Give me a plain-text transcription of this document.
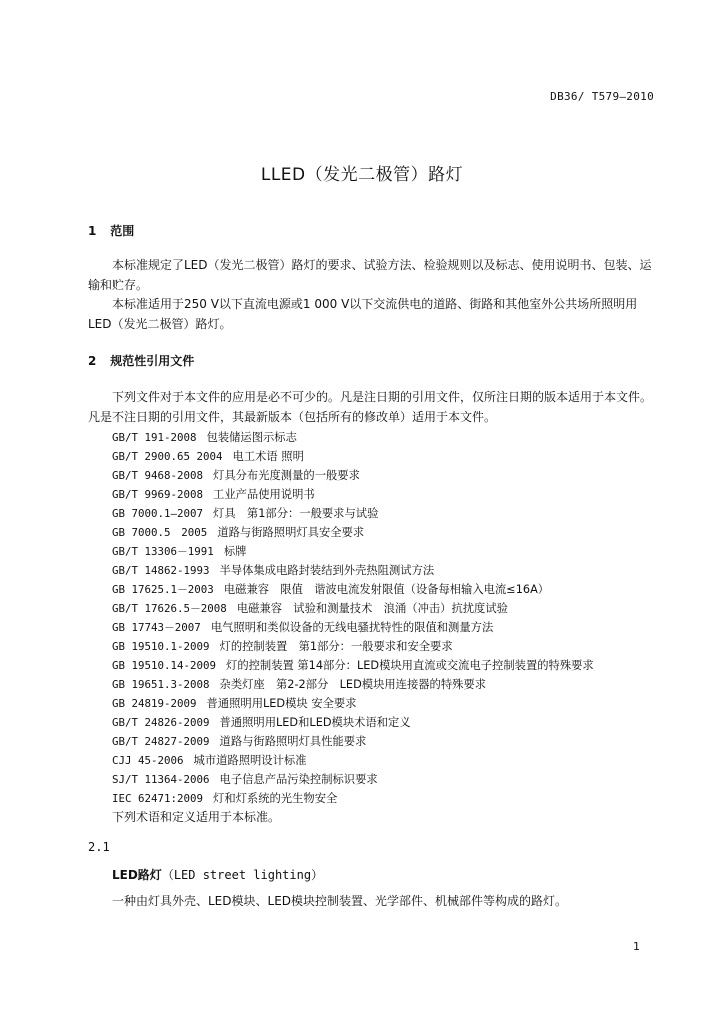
DB36/ T579—2010
LLED（发光二极管）路灯
1 范围
本标准规定了LED（发光二极管）路灯的要求、试验方法、检验规则以及标志、使用说明书、包装、运输和贮存。
本标准适用于250 V以下直流电源或1 000 V以下交流供电的道路、街路和其他室外公共场所照明用LED（发光二极管）路灯。
2 规范性引用文件
下列文件对于本文件的应用是必不可少的。凡是注日期的引用文件，仅所注日期的版本适用于本文件。凡是不注日期的引用文件，其最新版本（包括所有的修改单）适用于本文件。
GB/T 191-2008 包装储运图示标志
GB/T 2900.65 2004 电工术语 照明
GB/T 9468-2008 灯具分布光度测量的一般要求
GB/T 9969-2008 工业产品使用说明书
GB 7000.1—2007 灯具　第1部分：一般要求与试验
GB 7000.5　2005 道路与街路照明灯具安全要求
GB/T 13306－1991 标牌
GB/T 14862-1993 半导体集成电路封装结到外壳热阻测试方法
GB 17625.1－2003 电磁兼容　限值　谐波电流发射限值（设备每相输入电流≤16A）
GB/T 17626.5－2008 电磁兼容　试验和测量技术　浪涌（冲击）抗扰度试验
GB 17743－2007 电气照明和类似设备的无线电骚扰特性的限值和测量方法
GB 19510.1-2009 灯的控制装置　第1部分：一般要求和安全要求
GB 19510.14-2009 灯的控制装置 第14部分：LED模块用直流或交流电子控制装置的特殊要求
GB 19651.3-2008 杂类灯座　第2-2部分　LED模块用连接器的特殊要求
GB 24819-2009 普通照明用LED模块 安全要求
GB/T 24826-2009 普通照明用LED和LED模块术语和定义
GB/T 24827-2009 道路与街路照明灯具性能要求
CJJ 45-2006 城市道路照明设计标准
SJ/T 11364-2006 电子信息产品污染控制标识要求
IEC 62471:2009 灯和灯系统的光生物安全
下列术语和定义适用于本标准。
2.1
LED路灯（LED street lighting）
一种由灯具外壳、LED模块、LED模块控制装置、光学部件、机械部件等构成的路灯。
1
